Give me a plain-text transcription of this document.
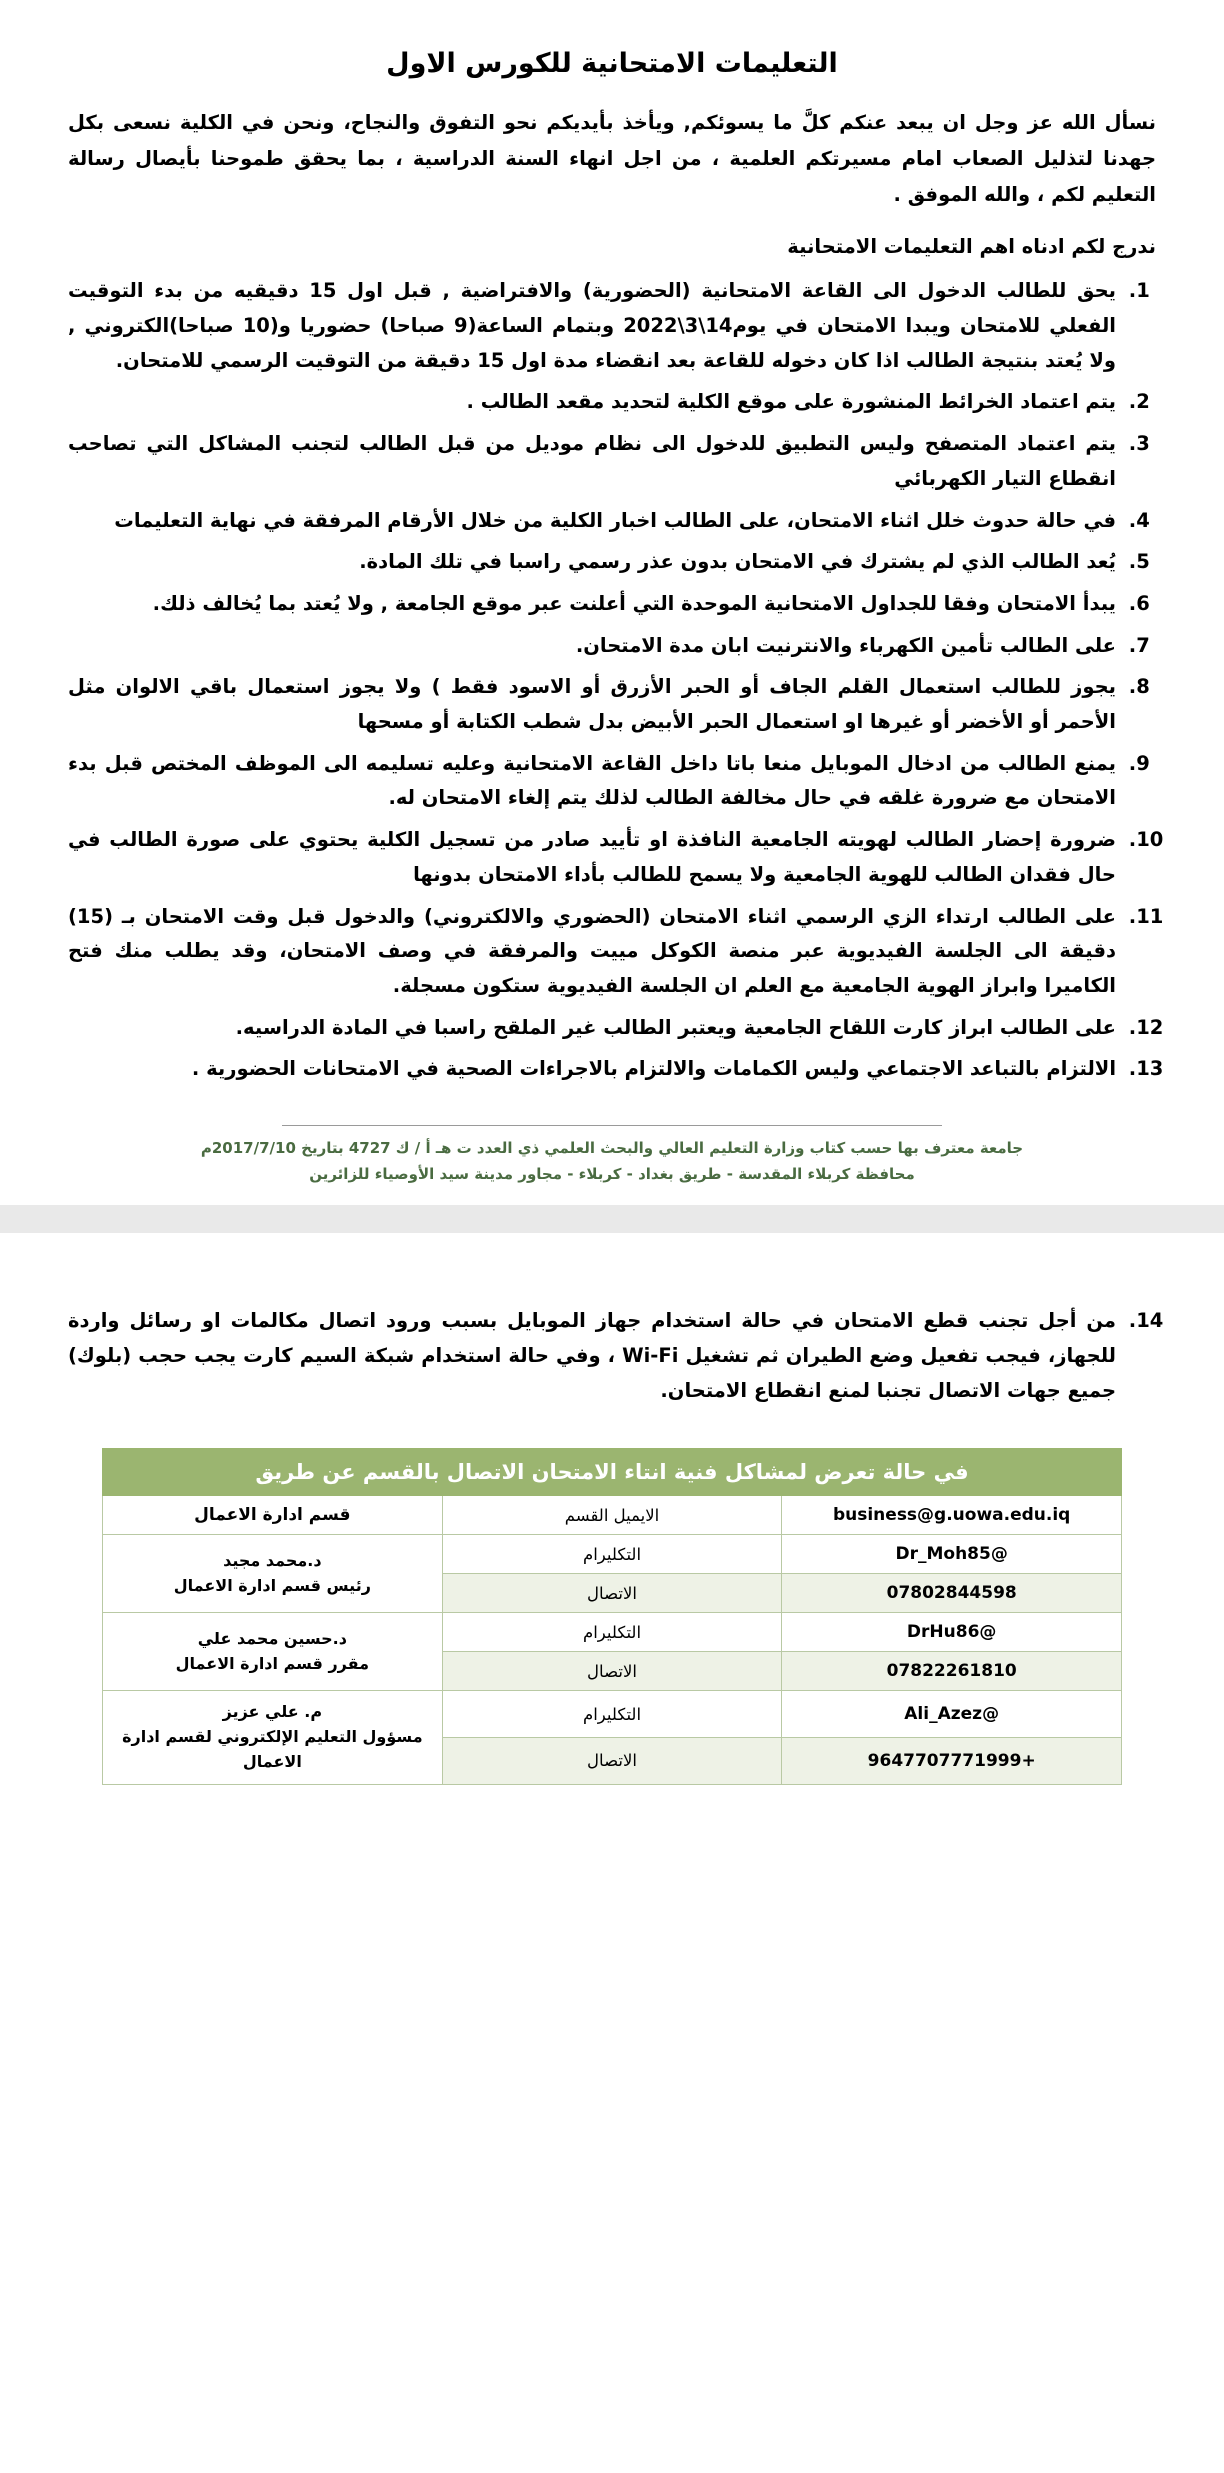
التعليمات الامتحانية للكورس الاول

نسأل الله عز وجل ان يبعد عنكم كلَّ ما يسوئكم, ويأخذ بأيديكم نحو التفوق والنجاح، ونحن في الكلية نسعى بكل جهدنا لتذليل الصعاب امام مسيرتكم العلمية ، من اجل انهاء السنة الدراسية ، بما يحقق طموحنا بأيصال رسالة التعليم لكم ، والله الموفق .

ندرج لكم ادناه اهم التعليمات الامتحانية

1. يحق للطالب الدخول الى القاعة الامتحانية (الحضورية) والافتراضية , قبل اول 15 دقيقيه من بدء التوقيت الفعلي للامتحان ويبدا الامتحان في يوم14\3\2022 وبتمام الساعة(9 صباحا) حضوريا و(10 صباحا)الكتروني , ولا يُعتد بنتيجة الطالب اذا كان دخوله للقاعة بعد انقضاء مدة اول 15 دقيقة من التوقيت الرسمي للامتحان.
2. يتم اعتماد الخرائط المنشورة على موقع الكلية لتحديد مقعد الطالب .
3. يتم اعتماد المتصفح وليس التطبيق للدخول الى نظام موديل من قبل الطالب لتجنب المشاكل التي تصاحب انقطاع التيار الكهربائي
4. في حالة حدوث خلل اثناء الامتحان، على الطالب اخبار الكلية من خلال الأرقام المرفقة في نهاية التعليمات
5. يُعد الطالب الذي لم يشترك في الامتحان بدون عذر رسمي راسبا في تلك المادة.
6. يبدأ الامتحان وفقا للجداول الامتحانية الموحدة التي أعلنت عبر موقع الجامعة , ولا يُعتد بما يُخالف ذلك.
7. على الطالب تأمين الكهرباء والانترنيت ابان مدة الامتحان.
8. يجوز للطالب استعمال القلم الجاف أو الحبر الأزرق أو الاسود فقط ) ولا يجوز استعمال باقي الالوان مثل الأحمر أو الأخضر أو غيرها او استعمال الحبر الأبيض بدل شطب الكتابة أو مسحها
9. يمنع الطالب من ادخال الموبايل منعا باتا داخل القاعة الامتحانية وعليه تسليمه الى الموظف المختص قبل بدء الامتحان مع ضرورة غلقه في حال مخالفة الطالب لذلك يتم إلغاء الامتحان له.
10. ضرورة إحضار الطالب لهويته الجامعية النافذة او تأييد صادر من تسجيل الكلية يحتوي على صورة الطالب في حال فقدان الطالب للهوية الجامعية ولا يسمح للطالب بأداء الامتحان بدونها
11. على الطالب ارتداء الزي الرسمي اثناء الامتحان (الحضوري والالكتروني) والدخول قبل وقت الامتحان بـ (15) دقيقة الى الجلسة الفيديوية عبر منصة الكوكل مييت والمرفقة في وصف الامتحان، وقد يطلب منك فتح الكاميرا وابراز الهوية الجامعية مع العلم ان الجلسة الفيديوية ستكون مسجلة.
12. على الطالب ابراز كارت اللقاح الجامعية ويعتبر الطالب غير الملقح راسبا في المادة الدراسيه.
13. الالتزام بالتباعد الاجتماعي وليس الكمامات والالتزام بالاجراءات الصحية في الامتحانات الحضورية .
جامعة معترف بها حسب كتاب وزارة التعليم العالي والبحث العلمي ذي العدد ت هـ أ / ك 4727 بتاريخ 2017/7/10م
محافظة كربلاء المقدسة - طريق بغداد - كربلاء - مجاور مدينة سيد الأوصياء للزائرين
14. من أجل تجنب قطع الامتحان في حالة استخدام جهاز الموبايل بسبب ورود اتصال مكالمات او رسائل واردة للجهاز، فيجب تفعيل وضع الطيران ثم تشغيل Wi‑Fi ، وفي حالة استخدام شبكة السيم كارت يجب حجب (بلوك) جميع جهات الاتصال تجنبا لمنع انقطاع الامتحان.
في حالة تعرض لمشاكل فنية انتاء الامتحان الاتصال بالقسم عن طريق		
business@g.uowa.edu.iq	الايميل القسم	قسم ادارة الاعمال
@Dr_Moh85	التكليرام	د.محمد مجيد
رئيس قسم ادارة الاعمال

07802844598	الاتصال	
@DrHu86	التكليرام	د.حسين محمد علي
مقرر قسم ادارة الاعمال

07822261810	الاتصال	
@Ali_Azez	التكليرام	م. علي عزيز
مسؤول التعليم الإلكتروني لقسم ادارة الاعمال

+9647707771999	الاتصال	
